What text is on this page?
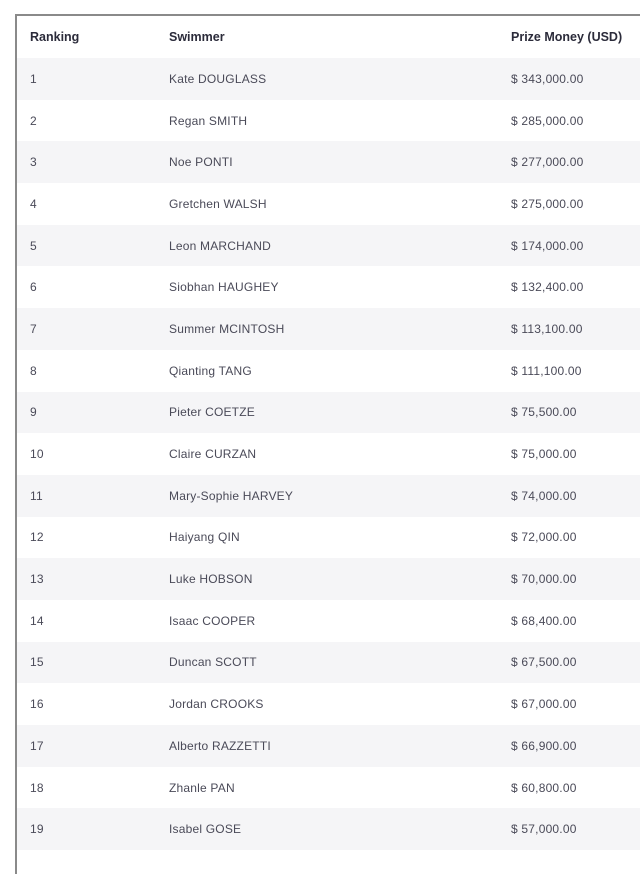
Ranking	Swimmer	Prize Money (USD)
1	Kate DOUGLASS	$ 343,000.00
2	Regan SMITH	$ 285,000.00
3	Noe PONTI	$ 277,000.00
4	Gretchen WALSH	$ 275,000.00
5	Leon MARCHAND	$ 174,000.00
6	Siobhan HAUGHEY	$ 132,400.00
7	Summer MCINTOSH	$ 113,100.00
8	Qianting TANG	$ 111,100.00
9	Pieter COETZE	$ 75,500.00
10	Claire CURZAN	$ 75,000.00
11	Mary-Sophie HARVEY	$ 74,000.00
12	Haiyang QIN	$ 72,000.00
13	Luke HOBSON	$ 70,000.00
14	Isaac COOPER	$ 68,400.00
15	Duncan SCOTT	$ 67,500.00
16	Jordan CROOKS	$ 67,000.00
17	Alberto RAZZETTI	$ 66,900.00
18	Zhanle PAN	$ 60,800.00
19	Isabel GOSE	$ 57,000.00
